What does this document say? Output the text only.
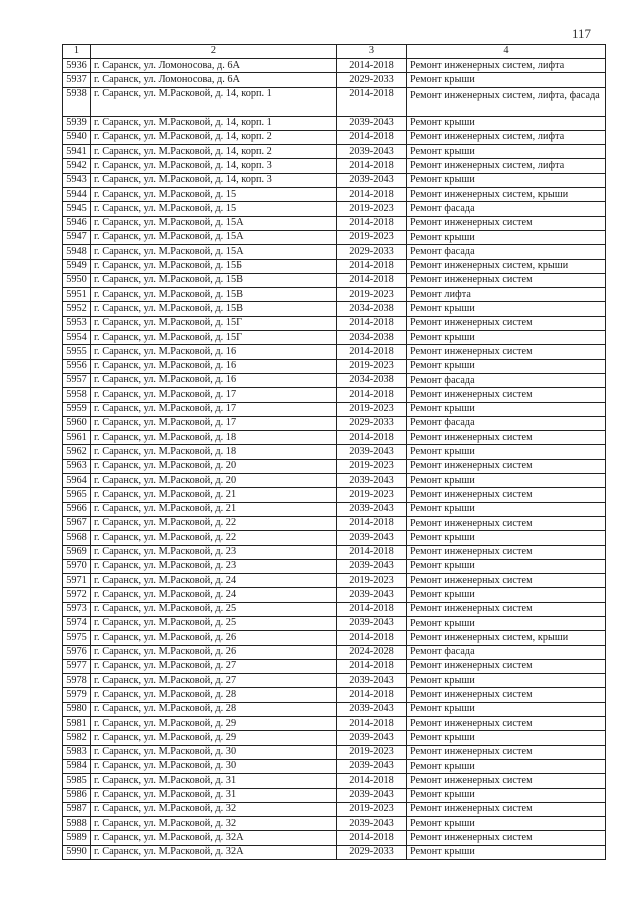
117
1	2	3	4
5936	г. Саранск, ул. Ломоносова, д. 6А	2014-2018	Ремонт инженерных систем, лифта
5937	г. Саранск, ул. Ломоносова, д. 6А	2029-2033	Ремонт крыши
5938	г. Саранск, ул. М.Расковой, д. 14, корп. 1	2014-2018	Ремонт инженерных систем, лифта, фасада
5939	г. Саранск, ул. М.Расковой, д. 14, корп. 1	2039-2043	Ремонт крыши
5940	г. Саранск, ул. М.Расковой, д. 14, корп. 2	2014-2018	Ремонт инженерных систем, лифта
5941	г. Саранск, ул. М.Расковой, д. 14, корп. 2	2039-2043	Ремонт крыши
5942	г. Саранск, ул. М.Расковой, д. 14, корп. 3	2014-2018	Ремонт инженерных систем, лифта
5943	г. Саранск, ул. М.Расковой, д. 14, корп. 3	2039-2043	Ремонт крыши
5944	г. Саранск, ул. М.Расковой, д. 15	2014-2018	Ремонт инженерных систем, крыши
5945	г. Саранск, ул. М.Расковой, д. 15	2019-2023	Ремонт фасада
5946	г. Саранск, ул. М.Расковой, д. 15А	2014-2018	Ремонт инженерных систем
5947	г. Саранск, ул. М.Расковой, д. 15А	2019-2023	Ремонт крыши
5948	г. Саранск, ул. М.Расковой, д. 15А	2029-2033	Ремонт фасада
5949	г. Саранск, ул. М.Расковой, д. 15Б	2014-2018	Ремонт инженерных систем, крыши
5950	г. Саранск, ул. М.Расковой, д. 15В	2014-2018	Ремонт инженерных систем
5951	г. Саранск, ул. М.Расковой, д. 15В	2019-2023	Ремонт лифта
5952	г. Саранск, ул. М.Расковой, д. 15В	2034-2038	Ремонт крыши
5953	г. Саранск, ул. М.Расковой, д. 15Г	2014-2018	Ремонт инженерных систем
5954	г. Саранск, ул. М.Расковой, д. 15Г	2034-2038	Ремонт крыши
5955	г. Саранск, ул. М.Расковой, д. 16	2014-2018	Ремонт инженерных систем
5956	г. Саранск, ул. М.Расковой, д. 16	2019-2023	Ремонт крыши
5957	г. Саранск, ул. М.Расковой, д. 16	2034-2038	Ремонт фасада
5958	г. Саранск, ул. М.Расковой, д. 17	2014-2018	Ремонт инженерных систем
5959	г. Саранск, ул. М.Расковой, д. 17	2019-2023	Ремонт крыши
5960	г. Саранск, ул. М.Расковой, д. 17	2029-2033	Ремонт фасада
5961	г. Саранск, ул. М.Расковой, д. 18	2014-2018	Ремонт инженерных систем
5962	г. Саранск, ул. М.Расковой, д. 18	2039-2043	Ремонт крыши
5963	г. Саранск, ул. М.Расковой, д. 20	2019-2023	Ремонт инженерных систем
5964	г. Саранск, ул. М.Расковой, д. 20	2039-2043	Ремонт крыши
5965	г. Саранск, ул. М.Расковой, д. 21	2019-2023	Ремонт инженерных систем
5966	г. Саранск, ул. М.Расковой, д. 21	2039-2043	Ремонт крыши
5967	г. Саранск, ул. М.Расковой, д. 22	2014-2018	Ремонт инженерных систем
5968	г. Саранск, ул. М.Расковой, д. 22	2039-2043	Ремонт крыши
5969	г. Саранск, ул. М.Расковой, д. 23	2014-2018	Ремонт инженерных систем
5970	г. Саранск, ул. М.Расковой, д. 23	2039-2043	Ремонт крыши
5971	г. Саранск, ул. М.Расковой, д. 24	2019-2023	Ремонт инженерных систем
5972	г. Саранск, ул. М.Расковой, д. 24	2039-2043	Ремонт крыши
5973	г. Саранск, ул. М.Расковой, д. 25	2014-2018	Ремонт инженерных систем
5974	г. Саранск, ул. М.Расковой, д. 25	2039-2043	Ремонт крыши
5975	г. Саранск, ул. М.Расковой, д. 26	2014-2018	Ремонт инженерных систем, крыши
5976	г. Саранск, ул. М.Расковой, д. 26	2024-2028	Ремонт фасада
5977	г. Саранск, ул. М.Расковой, д. 27	2014-2018	Ремонт инженерных систем
5978	г. Саранск, ул. М.Расковой, д. 27	2039-2043	Ремонт крыши
5979	г. Саранск, ул. М.Расковой, д. 28	2014-2018	Ремонт инженерных систем
5980	г. Саранск, ул. М.Расковой, д. 28	2039-2043	Ремонт крыши
5981	г. Саранск, ул. М.Расковой, д. 29	2014-2018	Ремонт инженерных систем
5982	г. Саранск, ул. М.Расковой, д. 29	2039-2043	Ремонт крыши
5983	г. Саранск, ул. М.Расковой, д. 30	2019-2023	Ремонт инженерных систем
5984	г. Саранск, ул. М.Расковой, д. 30	2039-2043	Ремонт крыши
5985	г. Саранск, ул. М.Расковой, д. 31	2014-2018	Ремонт инженерных систем
5986	г. Саранск, ул. М.Расковой, д. 31	2039-2043	Ремонт крыши
5987	г. Саранск, ул. М.Расковой, д. 32	2019-2023	Ремонт инженерных систем
5988	г. Саранск, ул. М.Расковой, д. 32	2039-2043	Ремонт крыши
5989	г. Саранск, ул. М.Расковой, д. 32А	2014-2018	Ремонт инженерных систем
5990	г. Саранск, ул. М.Расковой, д. 32А	2029-2033	Ремонт крыши
